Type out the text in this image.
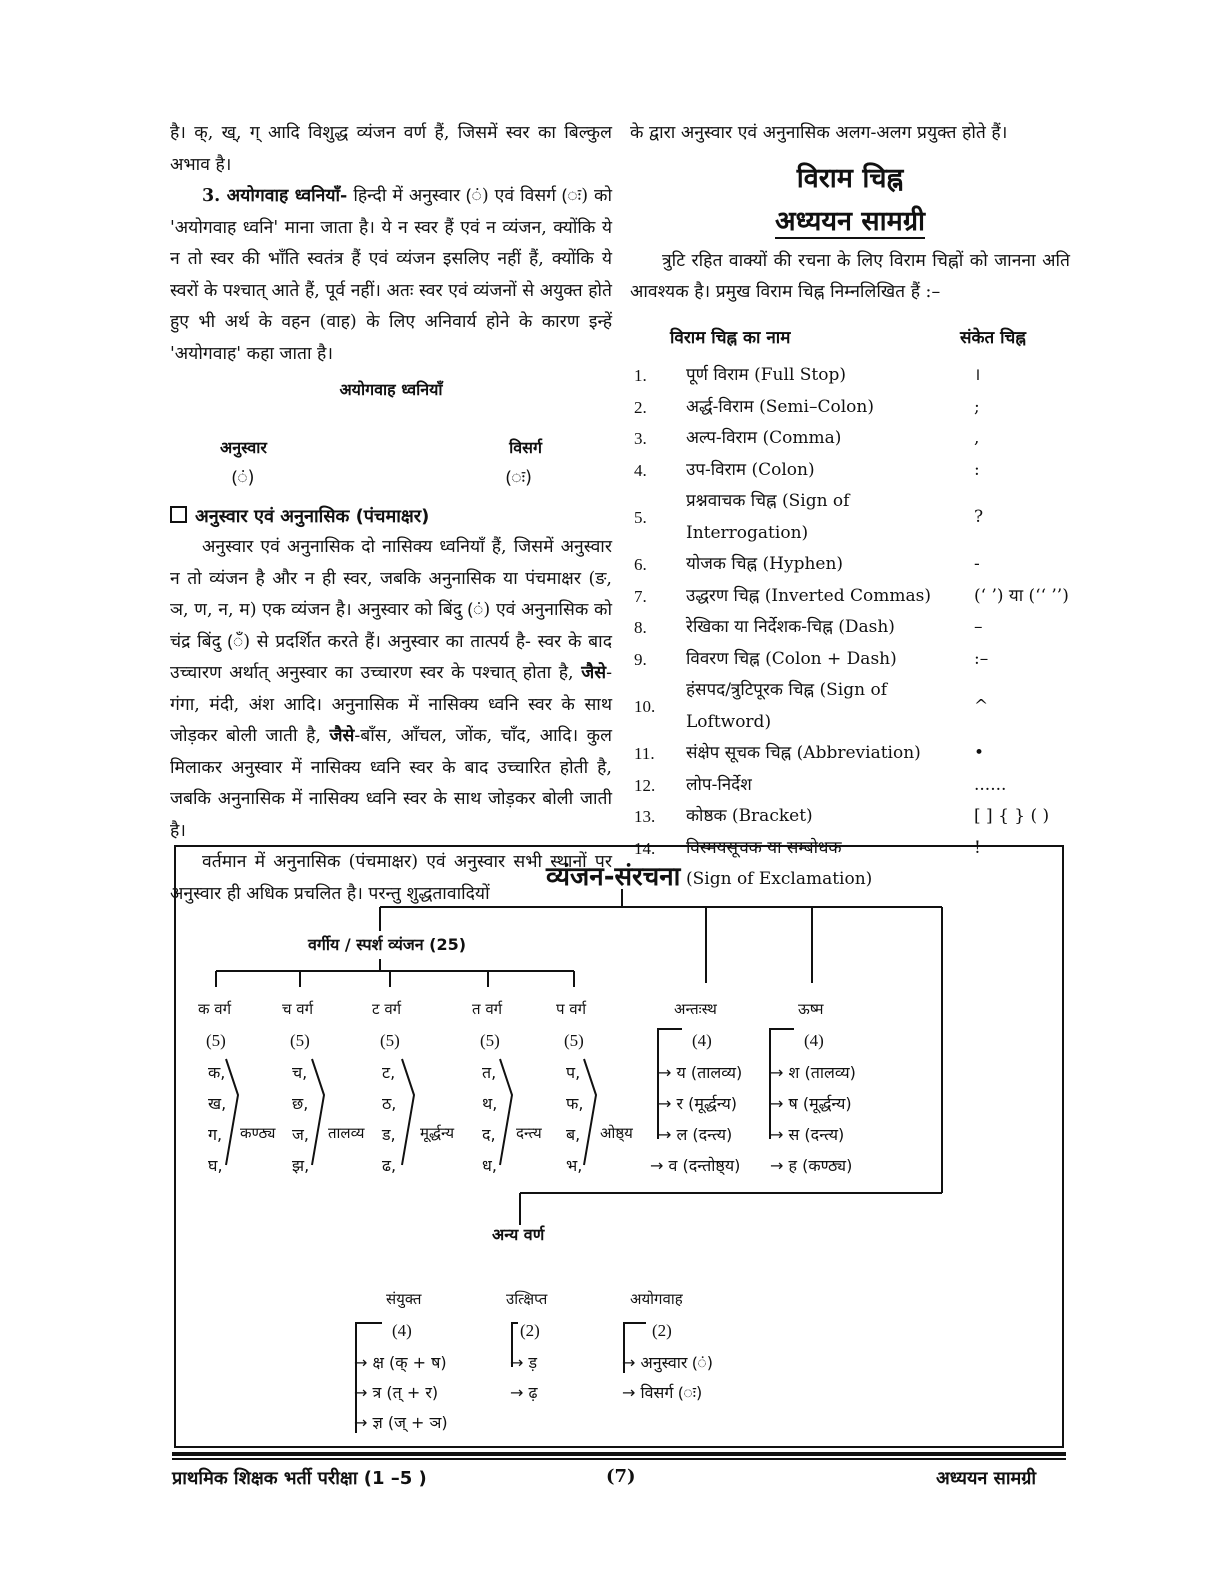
है। क्, ख्, ग् आदि विशुद्ध व्यंजन वर्ण हैं, जिसमें स्वर का बिल्कुल अभाव है।

3. अयोगवाह ध्वनियाँ- हिन्दी में अनुस्वार (ं) एवं विसर्ग (ः) को 'अयोगवाह ध्वनि' माना जाता है। ये न स्वर हैं एवं न व्यंजन, क्योंकि ये न तो स्वर की भाँति स्वतंत्र हैं एवं व्यंजन इसलिए नहीं हैं, क्योंकि ये स्वरों के पश्चात् आते हैं, पूर्व नहीं। अतः स्वर एवं व्यंजनों से अयुक्त होते हुए भी अर्थ के वहन (वाह) के लिए अनिवार्य होने के कारण इन्हें 'अयोगवाह' कहा जाता है।

अयोगवाह ध्वनियाँ

अनुस्वार	विसर्ग
(ं)	(ः)
अनुस्वार एवं अनुनासिक (पंचमाक्षर)

अनुस्वार एवं अनुनासिक दो नासिक्य ध्वनियाँ हैं, जिसमें अनुस्वार न तो व्यंजन है और न ही स्वर, जबकि अनुनासिक या पंचमाक्षर (ङ, ञ, ण, न, म) एक व्यंजन है। अनुस्वार को बिंदु (ं) एवं अनुनासिक को चंद्र बिंदु (ँ) से प्रदर्शित करते हैं। अनुस्वार का तात्पर्य है- स्वर के बाद उच्चारण अर्थात् अनुस्वार का उच्चारण स्वर के पश्चात् होता है, जैसे-गंगा, मंदी, अंश आदि। अनुनासिक में नासिक्य ध्वनि स्वर के साथ जोड़कर बोली जाती है, जैसे-बाँस, आँचल, जोंक, चाँद, आदि। कुल मिलाकर अनुस्वार में नासिक्य ध्वनि स्वर के बाद उच्चारित होती है, जबकि अनुनासिक में नासिक्य ध्वनि स्वर के साथ जोड़कर बोली जाती है।

वर्तमान में अनुनासिक (पंचमाक्षर) एवं अनुस्वार सभी स्थानों पर अनुस्वार ही अधिक प्रचलित है। परन्तु शुद्धतावादियों

के द्वारा अनुस्वार एवं अनुनासिक अलग-अलग प्रयुक्त होते हैं।

विराम चिह्न
अध्ययन सामग्री

त्रुटि रहित वाक्यों की रचना के लिए विराम चिह्नों को जानना अति आवश्यक है। प्रमुख विराम चिह्न निम्नलिखित हैं :–

विराम चिह्न का नाम	संकेत चिह्न
1.	पूर्ण विराम (Full Stop)	।
2.	अर्द्ध-विराम (Semi–Colon)	;
3.	अल्प-विराम (Comma)	,
4.	उप-विराम (Colon)	:
5.	प्रश्नवाचक चिह्न (Sign of Interrogation)	?
6.	योजक चिह्न (Hyphen)	-
7.	उद्धरण चिह्न (Inverted Commas)	(‘ ’) या (‘‘ ’’)
8.	रेखिका या निर्देशक-चिह्न (Dash)	–
9.	विवरण चिह्न (Colon + Dash)	:–
10.	हंसपद/त्रुटिपूरक चिह्न (Sign of Loftword)	^
11.	संक्षेप सूचक चिह्न (Abbreviation)	•
12.	लोप-निर्देश	......
13.	कोष्ठक (Bracket)	[ ] { } ( )
14.	विस्मयसूचक या सम्बोधक	!
	(Sign of Exclamation)	
व्यंजन-संरचना
वर्गीय / स्पर्श व्यंजन (25)
क वर्ग
(5)
क,
ख,
ग,
घ,
कण्ठ्य
च वर्ग
(5)
च,
छ,
ज,
झ,
तालव्य
ट वर्ग
(5)
ट,
ठ,
ड,
ढ,
मूर्द्धन्य
त वर्ग
(5)
त,
थ,
द,
ध,
दन्त्य
प वर्ग
(5)
प,
फ,
ब,
भ,
ओष्ठ्य
अन्तःस्थ
(4)
→ य (तालव्य)
→ र (मूर्द्धन्य)
→ ल (दन्त्य)
→ व (दन्तोष्ठ्य)
ऊष्म
(4)
→ श (तालव्य)
→ ष (मूर्द्धन्य)
→ स (दन्त्य)
→ ह (कण्ठ्य)
अन्य वर्ण
संयुक्त
(4)
उत्क्षिप्त
(2)
अयोगवाह
(2)
→ क्ष (क् + ष)
→ त्र (त् + र)
→ ज्ञ (ज् + ञ)
→ ड़
→ ढ़
→ अनुस्वार (ं)
→ विसर्ग (ः)
प्राथमिक शिक्षक भर्ती परीक्षा (1 –5 )	(7)	अध्ययन सामग्री
